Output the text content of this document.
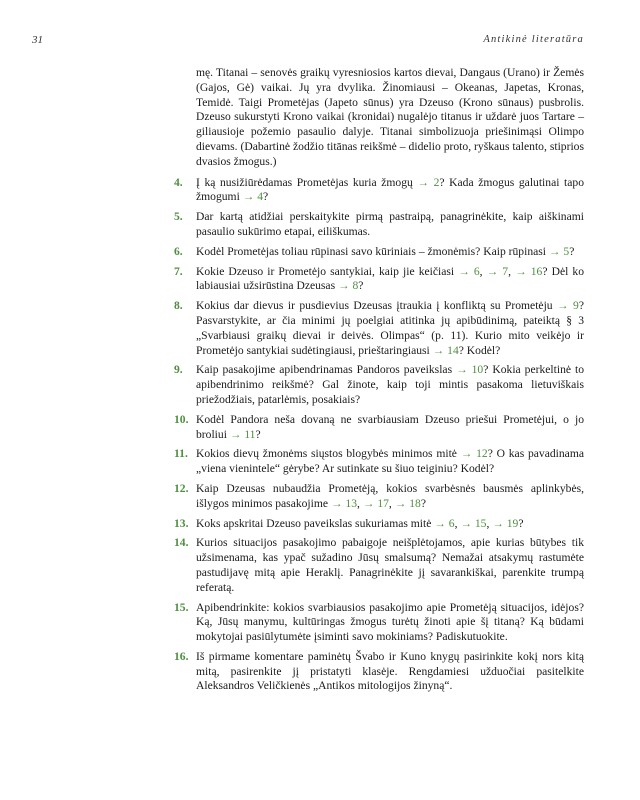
31	Antikinė literatūra

mę. Titanai – senovės graikų vyresniosios kartos dievai, Dangaus (Urano) ir Žemės (Gajos, Gė) vaikai. Jų yra dvylika. Žinomiausi – Okeanas, Japetas, Kronas, Temidė. Taigi Prometėjas (Japeto sūnus) yra Dzeuso (Krono sūnaus) pusbrolis. Dzeuso sukurstyti Krono vaikai (kronidai) nugalėjo titanus ir uždarė juos Tartare – giliausioje požemio pasaulio dalyje. Titanai simbolizuoja priešinimąsi Olimpo dievams. (Dabartinė žodžio titānas reikšmė – didelio proto, ryškaus talento, stiprios dvasios žmogus.)

4.	Į ką nusižiūrėdamas Prometėjas kuria žmogų → 2? Kada žmogus galutinai tapo žmogumi → 4?

5.	Dar kartą atidžiai perskaitykite pirmą pastraipą, panagrinėkite, kaip aiškinami pasaulio sukūrimo etapai, eiliškumas.

6.	Kodėl Prometėjas toliau rūpinasi savo kūriniais – žmonėmis? Kaip rūpinasi → 5?

7.	Kokie Dzeuso ir Prometėjo santykiai, kaip jie keičiasi → 6, → 7, → 16? Dėl ko labiausiai užsirūstina Dzeusas → 8?

8.	Kokius dar dievus ir pusdievius Dzeusas įtraukia į konfliktą su Prometėju → 9? Pasvarstykite, ar čia minimi jų poelgiai atitinka jų apibūdinimą, pateiktą § 3 „Svarbiausi graikų dievai ir deivės. Olimpas“ (p. 11). Kurio mito veikėjo ir Prometėjo santykiai sudėtingiausi, prieštaringiausi → 14? Kodėl?

9.	Kaip pasakojime apibendrinamas Pandoros paveikslas → 10? Kokia perkeltinė to apibendrinimo reikšmė? Gal žinote, kaip toji mintis pasakoma lietuviškais priežodžiais, patarlėmis, posakiais?

10. Kodėl Pandora neša dovaną ne svarbiausiam Dzeuso priešui Prometėjui, o jo broliui → 11?

11. Kokios dievų žmonėms siųstos blogybės minimos mitė → 12? O kas pavadinama „viena vienintele“ gėrybe? Ar sutinkate su šiuo teiginiu? Kodėl?

12. Kaip Dzeusas nubaudžia Prometėją, kokios svarbėsnės bausmės aplinkybės, išlygos minimos pasakojime → 13, → 17, → 18?

13. Koks apskritai Dzeuso paveikslas sukuriamas mitė → 6, → 15, → 19?

14. Kurios situacijos pasakojimo pabaigoje neišplėtojamos, apie kurias būtybes tik užsimenama, kas ypač sužadino Jūsų smalsumą? Nemažai atsakymų rastumėte pastudijavę mitą apie Heraklį. Panagrinėkite jį savarankiškai, parenkite trumpą referatą.

15. Apibendrinkite: kokios svarbiausios pasakojimo apie Prometėją situacijos, idėjos? Ką, Jūsų manymu, kultūringas žmogus turėtų žinoti apie šį titaną? Ką būdami mokytojai pasiūlytumėte įsiminti savo mokiniams? Padiskutuokite.

16. Iš pirmame komentare paminėtų Švabo ir Kuno knygų pasirinkite kokį nors kitą mitą, pasirenkite jį pristatyti klasėje. Rengdamiesi užduočiai pasitelkite Aleksandros Veličkienės „Antikos mitologijos žinyną“.
